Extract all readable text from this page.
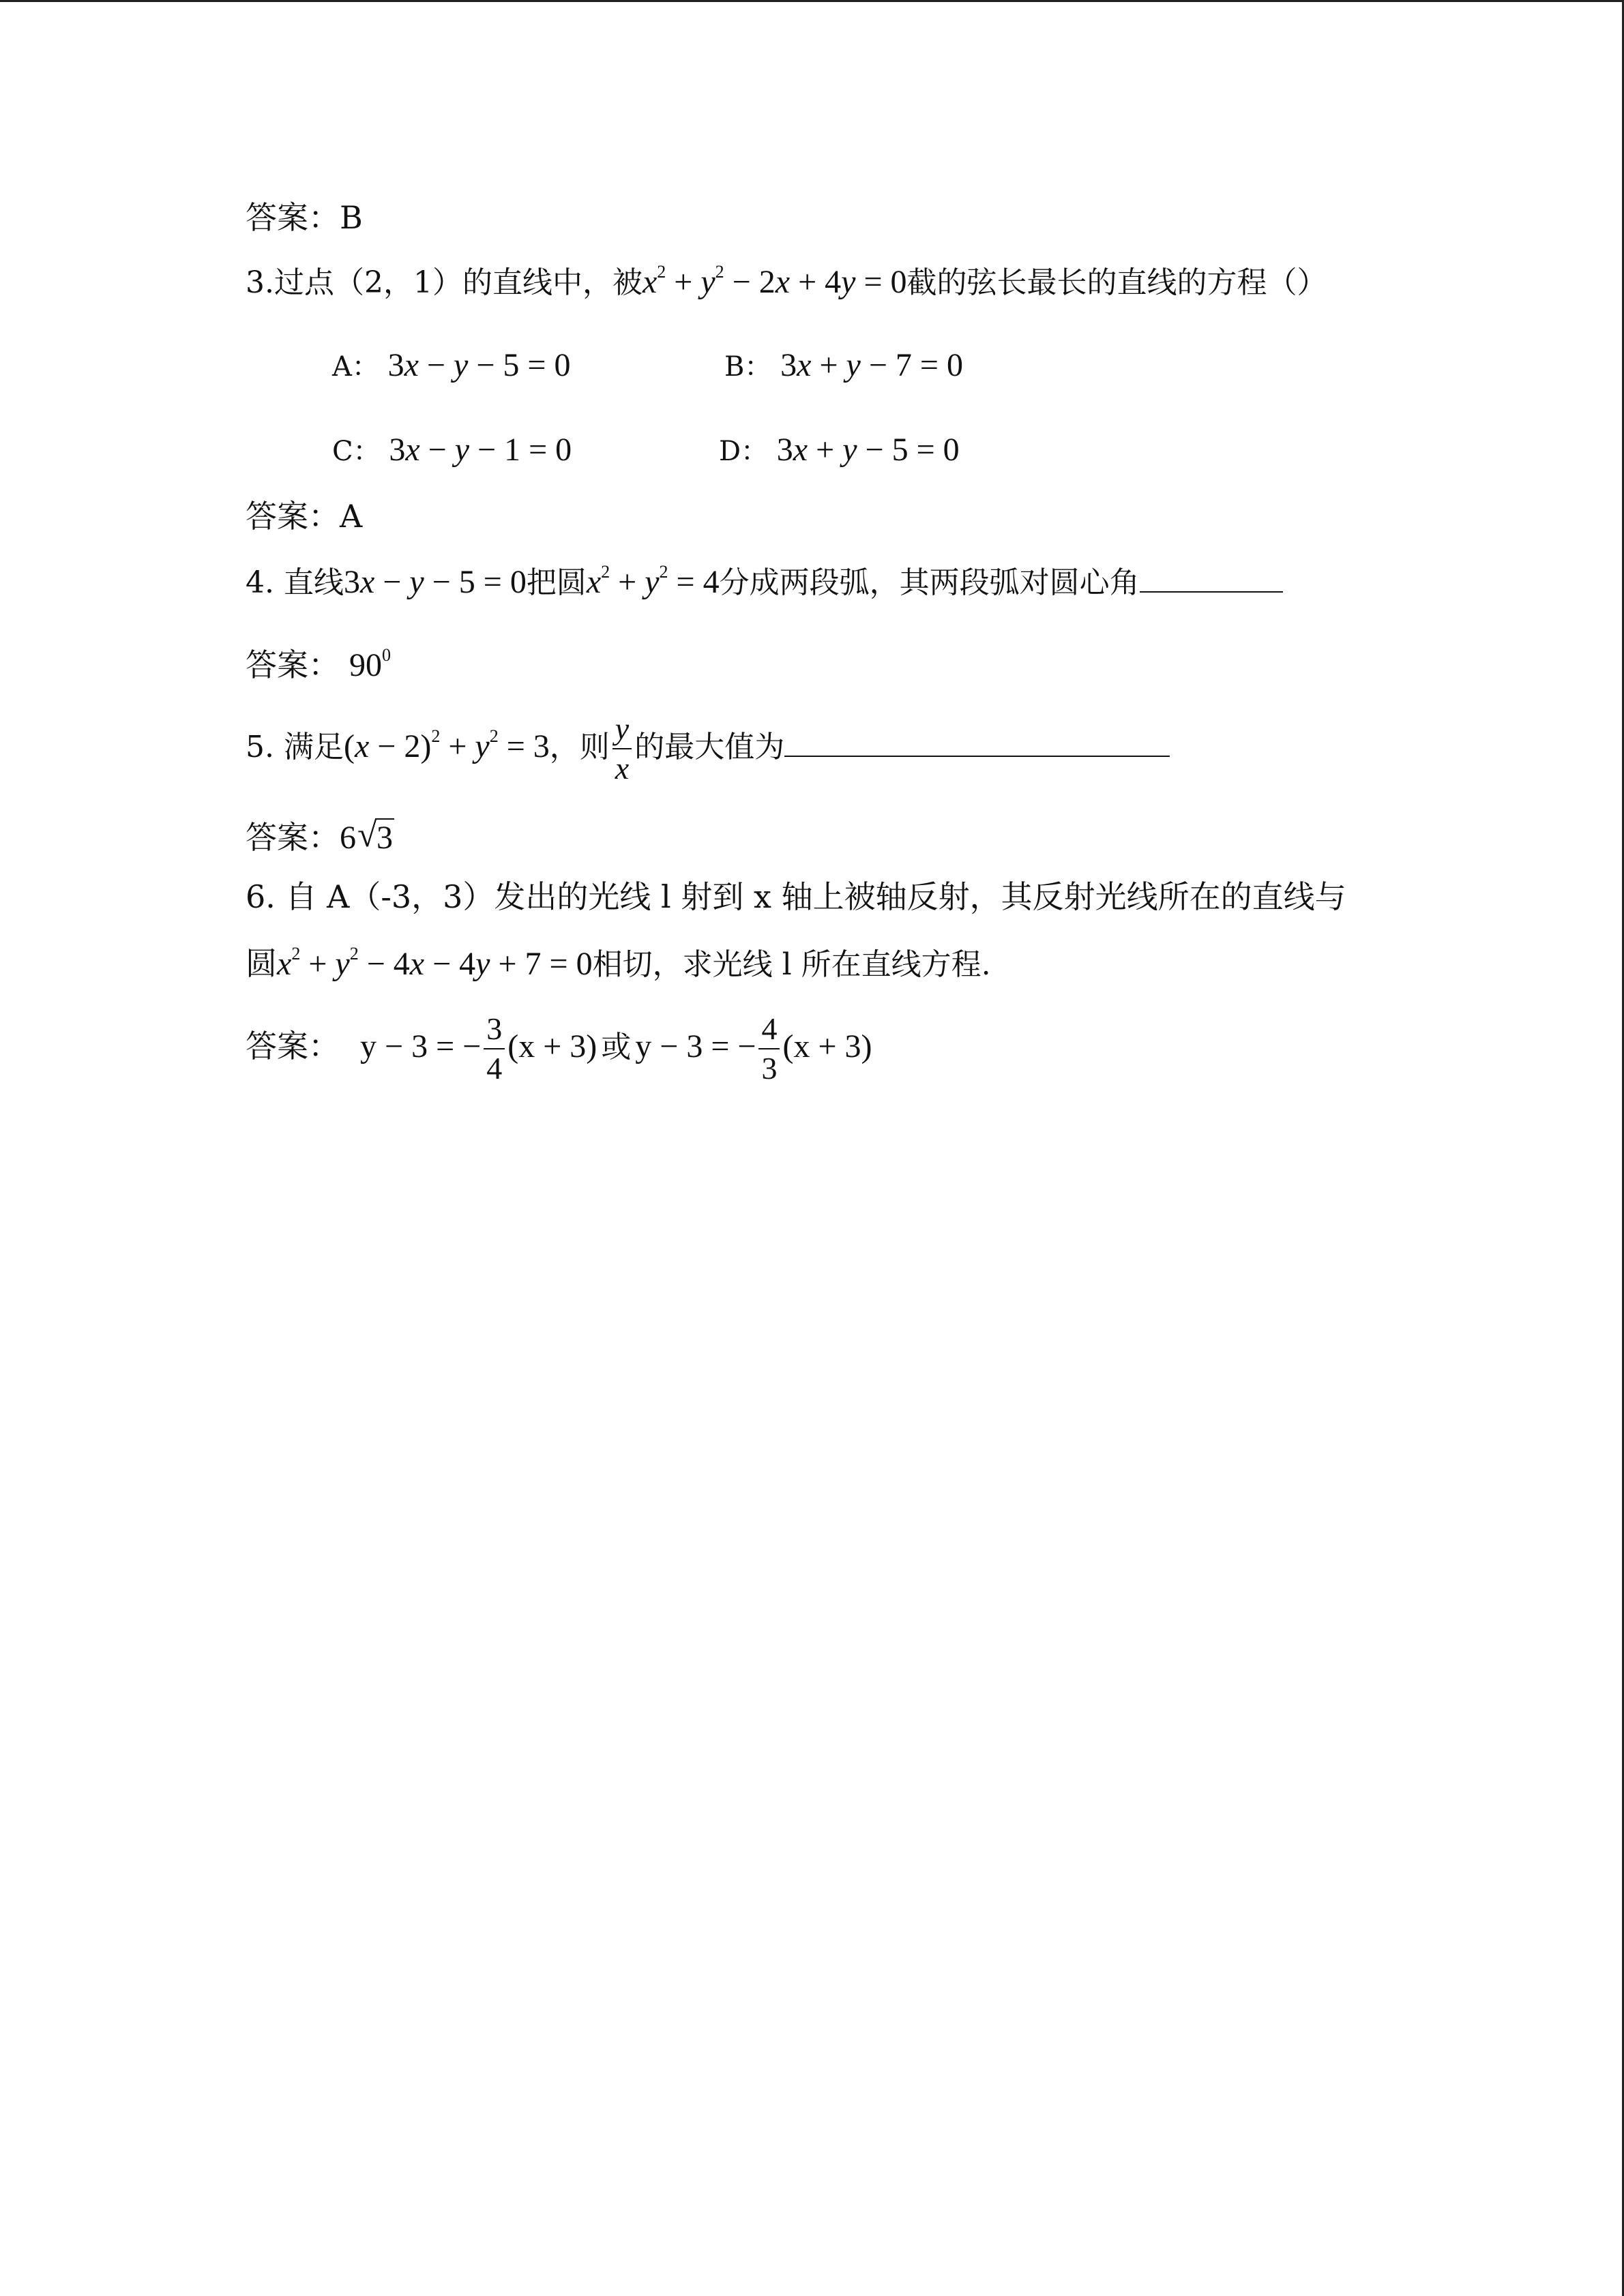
答案：B
3.过点（2，1）的直线中，被$x^2 + y^2 - 2x + 4y = 0$截的弦长最长的直线的方程（）
A： 3x − y − 5 = 0	B： 3x + y − 7 = 0
C： 3x − y − 1 = 0	D： 3x + y − 5 = 0
答案：A
4. 直线3x − y − 5 = 0把圆$x^2 + y^2 = 4$分成两段弧，其两段弧对圆心角
答案： $90^0$
5. 满足$(x - 2)^2 + y^2 = 3$，则 $\frac{y}{x}$ 的最大值为
答案：6 √ 3
6. 自 A（-3，3）发出的光线 l 射到 x 轴上被轴反射，其反射光线所在的直线与
圆$x^2 + y^2 - 4x - 4y + 7 = 0$相切，求光线 l 所在直线方程.
答案： y − 3 = − $\frac{3}{4} (x + 3)$ 或 y − 3 = − $\frac{4}{3} (x + 3)$
